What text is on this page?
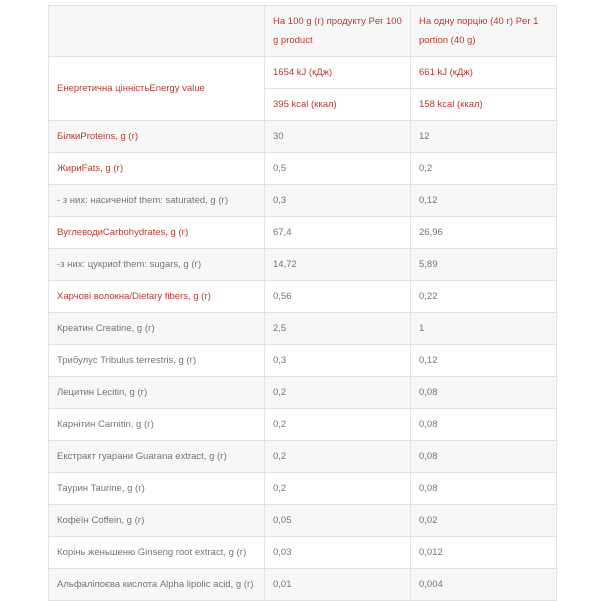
	На 100 g (г) продукту Per 100 g product	На одну порцію (40 г) Per 1 portion (40 g)
Енергетична цінністьEnergy value	1654 kJ (кДж)	661 kJ (кДж)
	395 kcal (ккал)	158 kcal (ккал)
БілкиProteins, g (г)	30	12
ЖириFats, g (г)	0,5	0,2
- з них: насиченіof them: saturated, g (г)	0,3	0,12
ВуглеводиCarbohydrates, g (г)	67,4	26,96
-з них: цукриof them: sugars, g (г)	14,72	5,89
Харчові волокна/Dietary fibers, g (г)	0,56	0,22
Креатин Creatine, g (г)	2,5	1
Трибулус Tribulus terrestris, g (г)	0,3	0,12
Лецитин Lecitin, g (г)	0,2	0,08
Карнітин Carnitin, g (г)	0,2	0,08
Екстракт гуарани Guarana extract, g (г)	0,2	0,08
Таурин Taurine, g (г)	0,2	0,08
Кофеїн Coffein, g (г)	0,05	0,02
Корінь женьшеню Ginseng root extract, g (г)	0,03	0,012
Альфаліпоєва кислота Alpha lipolic acid, g (г)	0,01	0,004
